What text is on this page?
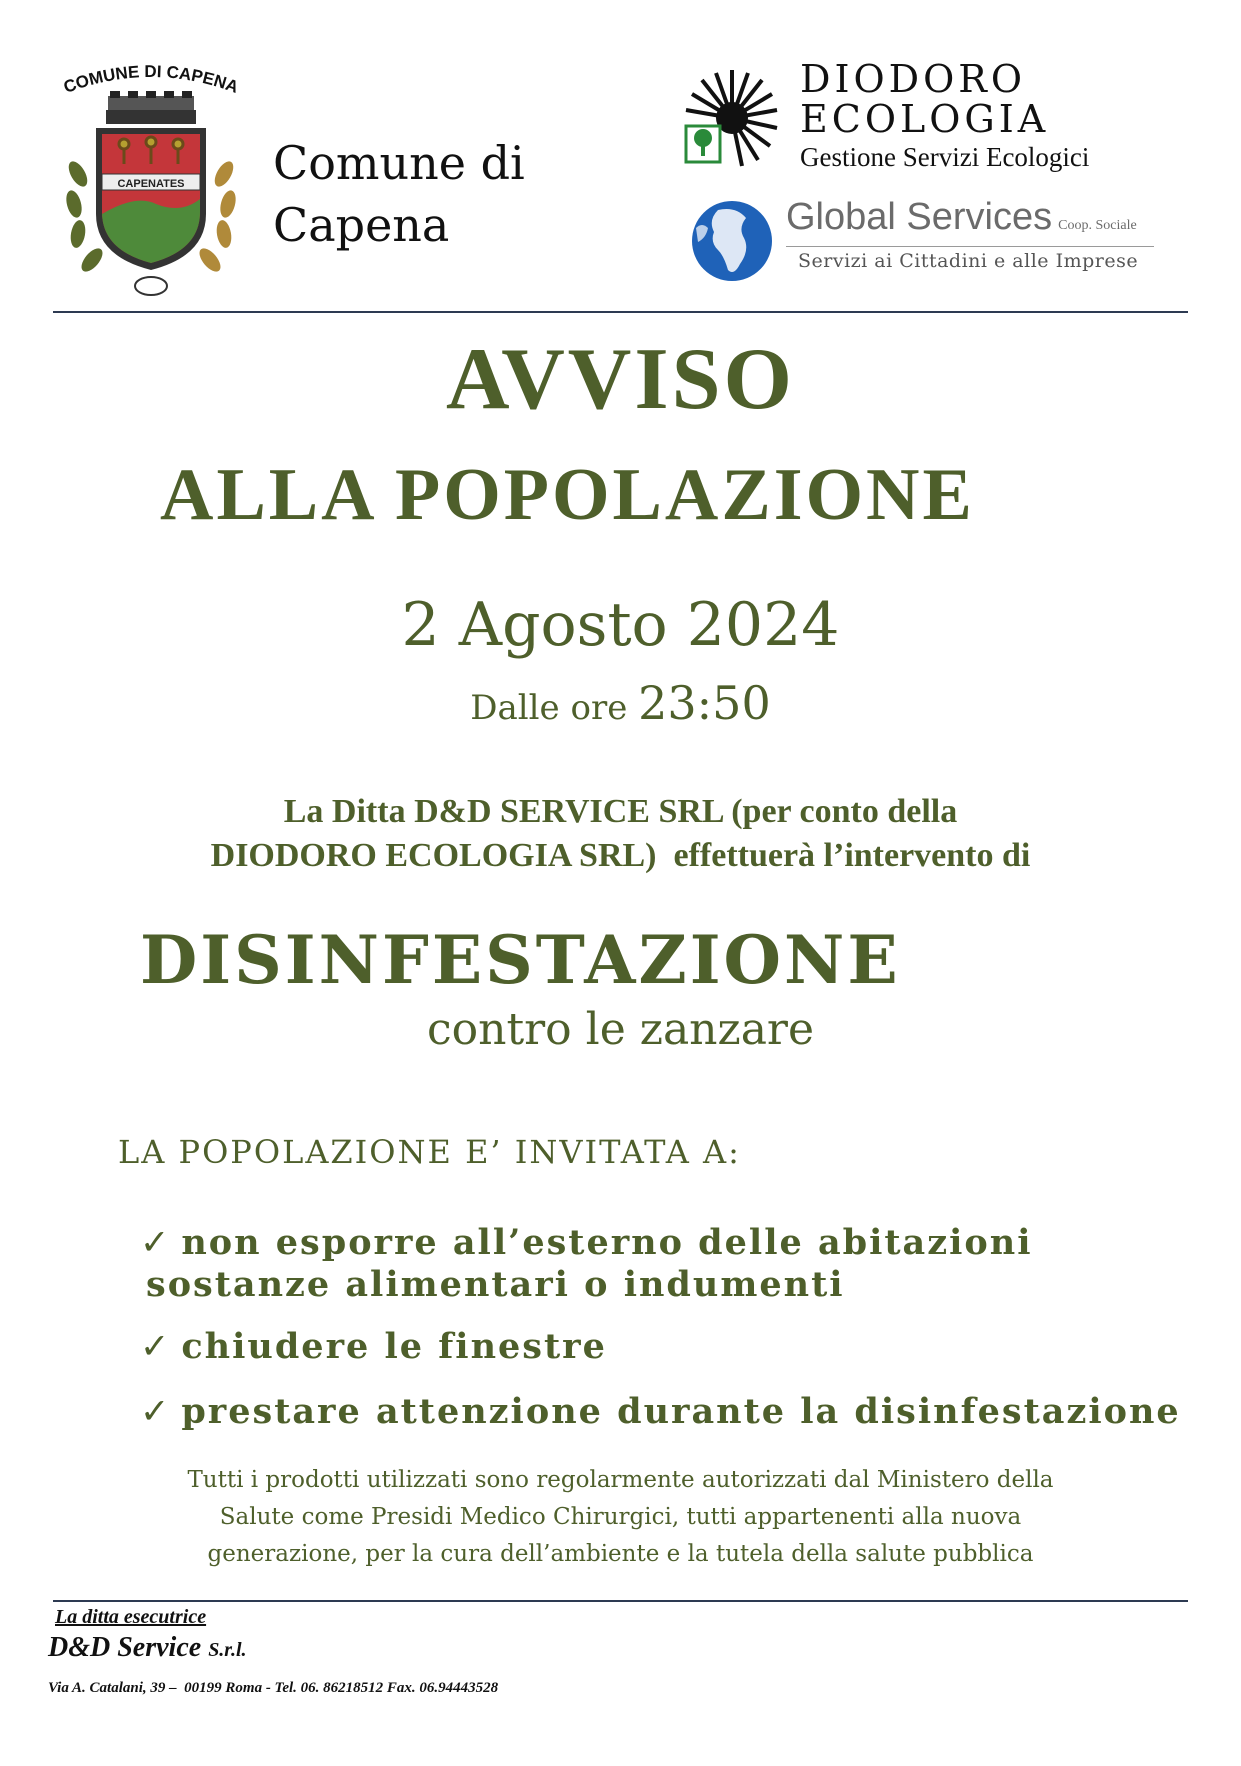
COMUNE DI CAPENA
CAPENATES Comune di
Capena
DIODORO
ECOLOGIA
Gestione Servizi Ecologici
Global Services Coop. Sociale
Servizi ai Cittadini e alle Imprese
AVVISO
ALLA POPOLAZIONE
2 Agosto 2024
Dalle ore 23:50
La Ditta D&D SERVICE SRL (per conto della
DIODORO ECOLOGIA SRL)  effettuerà l’intervento di
DISINFESTAZIONE
contro le zanzare
LA POPOLAZIONE E’ INVITATA A:
✓ non esporre all’esterno delle abitazioni
sostanze alimentari o indumenti
✓ chiudere le finestre
✓ prestare attenzione durante la disinfestazione
Tutti i prodotti utilizzati sono regolarmente autorizzati dal Ministero della
Salute come Presidi Medico Chirurgici, tutti appartenenti alla nuova
generazione, per la cura dell’ambiente e la tutela della salute pubblica
La ditta esecutrice
D&D Service S.r.l.
Via A. Catalani, 39 –  00199 Roma - Tel. 06. 86218512 Fax. 06.94443528
